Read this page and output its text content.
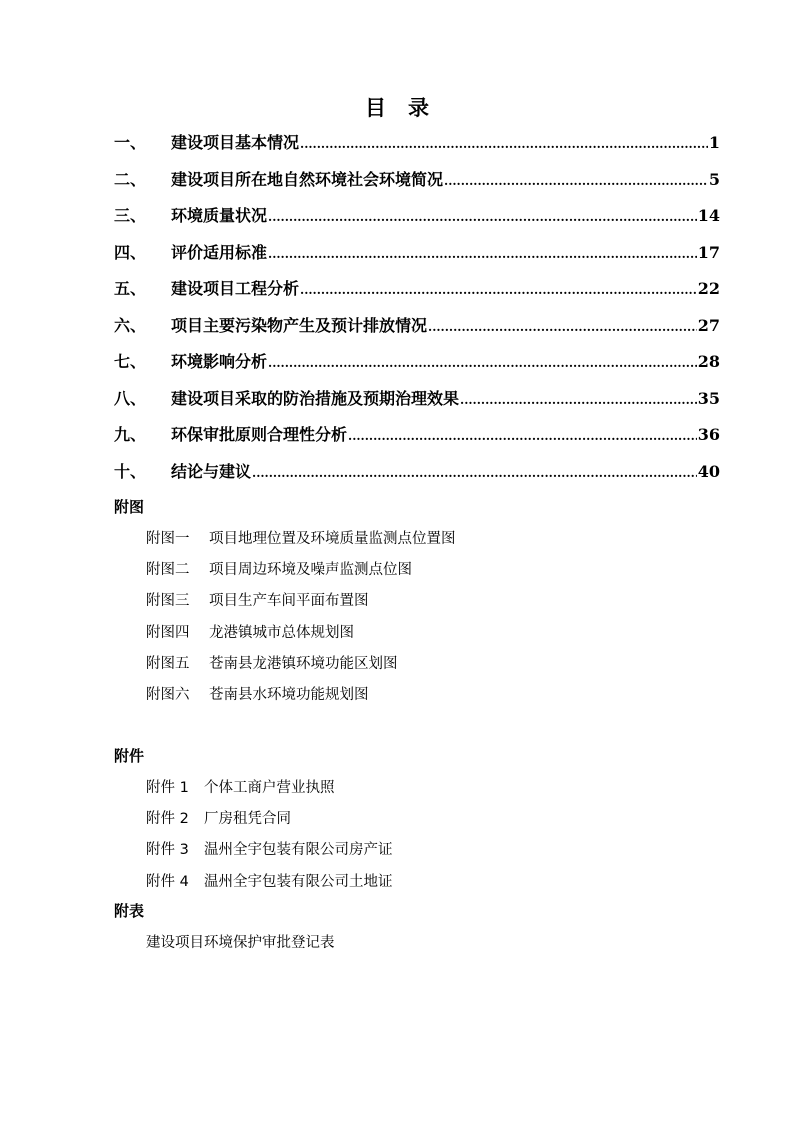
目 录
一、	建设项目基本情况 .....	1
二、	建设项目所在地自然环境社会环境简况 .....	5
三、	环境质量状况 .....	14
四、	评价适用标准 .....	17
五、	建设项目工程分析 .....	22
六、	项目主要污染物产生及预计排放情况 .....	27
七、	环境影响分析 .....	28
八、	建设项目采取的防治措施及预期治理效果 .....	35
九、	环保审批原则合理性分析 .....	36
十、	结论与建议 .....	40
附图
附图一 项目地理位置及环境质量监测点位置图
附图二 项目周边环境及噪声监测点位图
附图三 项目生产车间平面布置图
附图四 龙港镇城市总体规划图
附图五 苍南县龙港镇环境功能区划图
附图六 苍南县水环境功能规划图
附件
附件 1 个体工商户营业执照
附件 2 厂房租凭合同
附件 3 温州全宇包装有限公司房产证
附件 4 温州全宇包装有限公司土地证
附表
建设项目环境保护审批登记表
